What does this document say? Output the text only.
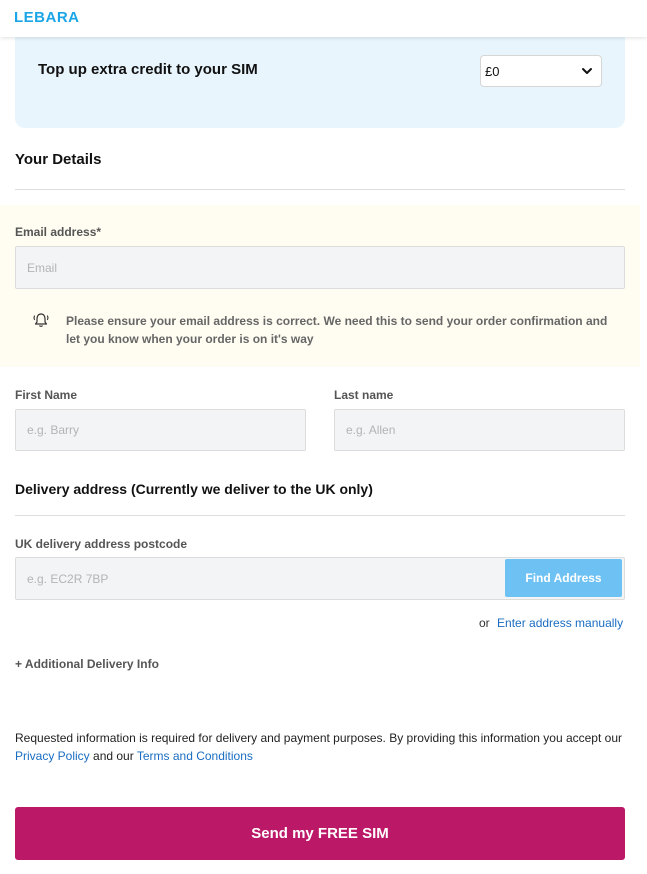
LEBARA
Top up extra credit to your SIM	£0
Your Details
Email address*
Email
Please ensure your email address is correct. We need this to send your order confirmation and let you know when your order is on it's way
First Name
e.g. Barry
Last name
e.g. Allen
Delivery address (Currently we deliver to the UK only)
UK delivery address postcode
e.g. EC2R 7BP	Find Address
or Enter address manually
+ Additional Delivery Info

Requested information is required for delivery and payment purposes. By providing this information you accept our Privacy Policy and our Terms and Conditions

Send my FREE SIM
